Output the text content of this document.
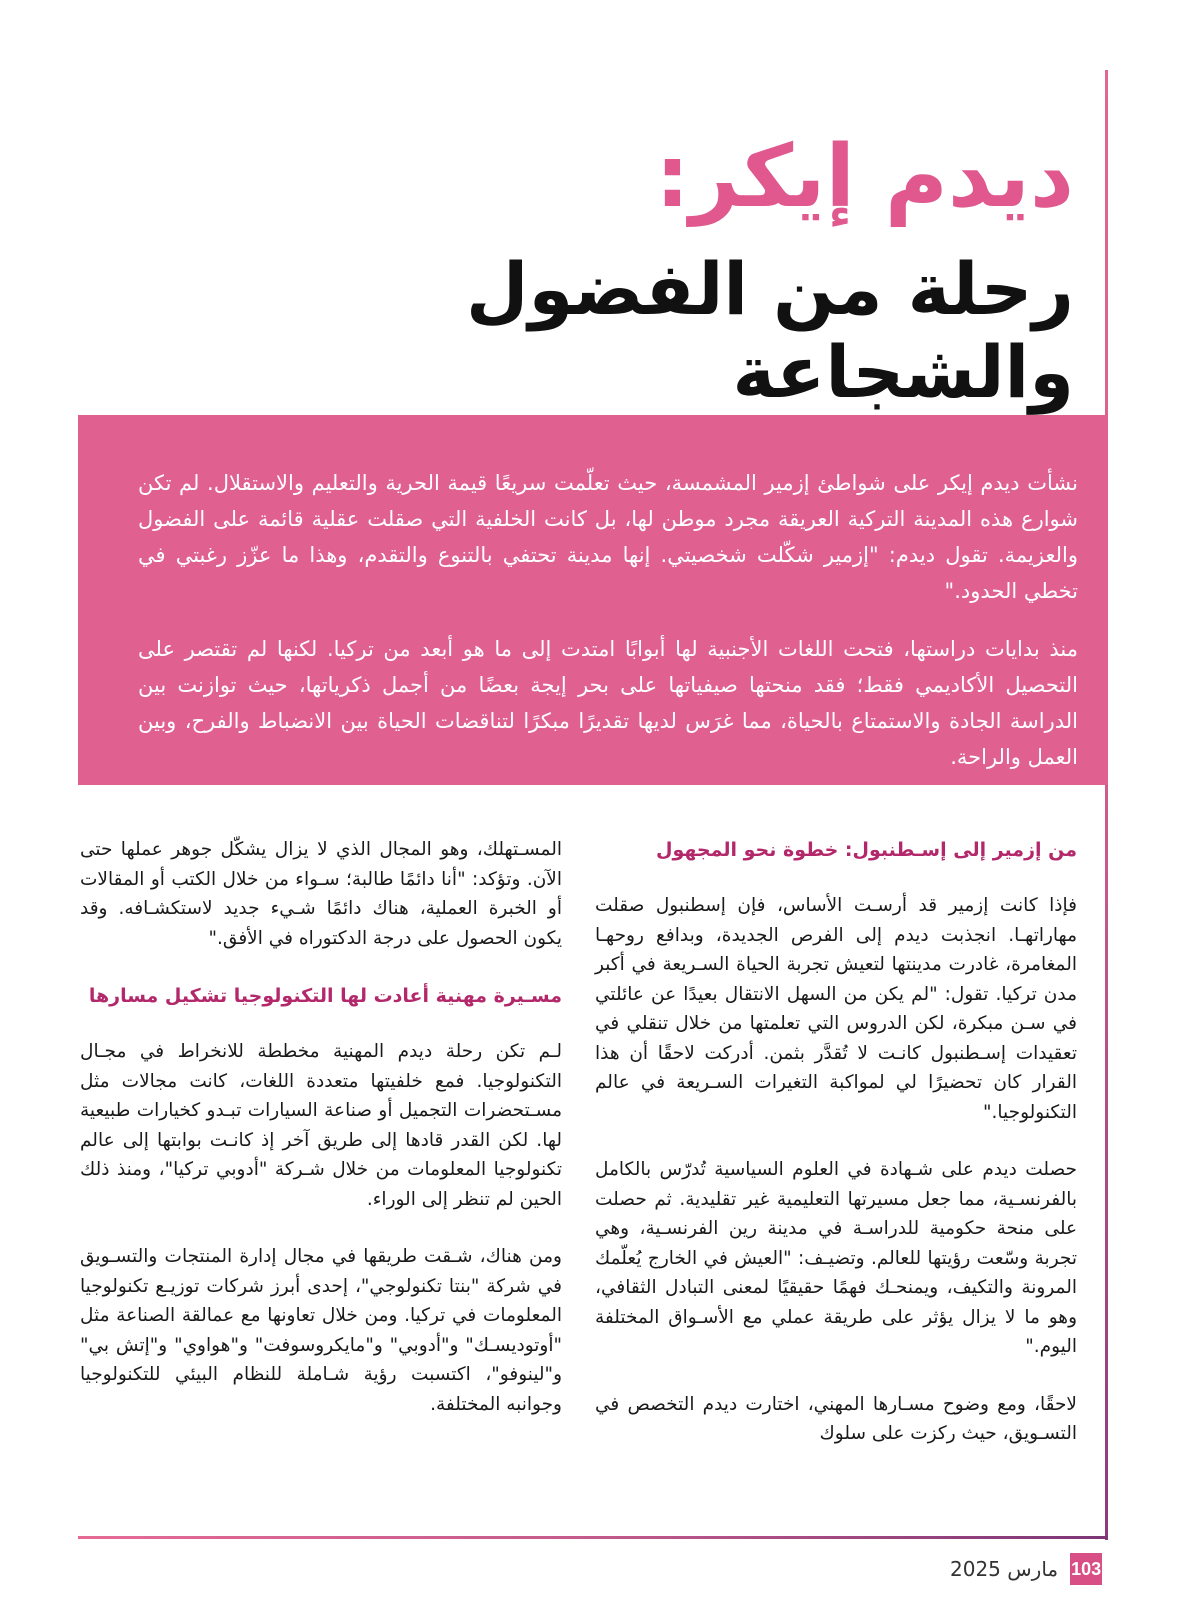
ديدم إيكر:
رحلة من الفضول والشجاعة

نشأت ديدم إيكر على شواطئ إزمير المشمسة، حيث تعلّمت سريعًا قيمة الحرية والتعليم والاستقلال. لم تكن شوارع هذه المدينة التركية العريقة مجرد موطن لها، بل كانت الخلفية التي صقلت عقلية قائمة على الفضول والعزيمة. تقول ديدم: "إزمير شكّلت شخصيتي. إنها مدينة تحتفي بالتنوع والتقدم، وهذا ما عزّز رغبتي في تخطي الحدود."

منذ بدايات دراستها، فتحت اللغات الأجنبية لها أبوابًا امتدت إلى ما هو أبعد من تركيا. لكنها لم تقتصر على التحصيل الأكاديمي فقط؛ فقد منحتها صيفياتها على بحر إيجة بعضًا من أجمل ذكرياتها، حيث توازنت بين الدراسة الجادة والاستمتاع بالحياة، مما غرَس لديها تقديرًا مبكرًا لتناقضات الحياة بين الانضباط والفرح، وبين العمل والراحة.

من إزمير إلى إسـطنبول: خطوة نحو المجهول

فإذا كانت إزمير قد أرسـت الأساس، فإن إسطنبول صقلت مهاراتهـا. انجذبت ديدم إلى الفرص الجديدة، وبدافع روحهـا المغامرة، غادرت مدينتها لتعيش تجربة الحياة السـريعة في أكبر مدن تركيا. تقول: "لم يكن من السهل الانتقال بعيدًا عن عائلتي في سـن مبكرة، لكن الدروس التي تعلمتها من خلال تنقلي في تعقيدات إسـطنبول كانـت لا تُقدَّر بثمن. أدركت لاحقًا أن هذا القرار كان تحضيرًا لي لمواكبة التغيرات السـريعة في عالم التكنولوجيا."

حصلت ديدم على شـهادة في العلوم السياسية تُدرّس بالكامل بالفرنسـية، مما جعل مسيرتها التعليمية غير تقليدية. ثم حصلت على منحة حكومية للدراسـة في مدينة رين الفرنسـية، وهي تجربة وسّعت رؤيتها للعالم. وتضيـف: "العيش في الخارج يُعلّمك المرونة والتكيف، ويمنحـك فهمًا حقيقيًا لمعنى التبادل الثقافي، وهو ما لا يزال يؤثر على طريقة عملي مع الأسـواق المختلفة اليوم."

لاحقًا، ومع وضوح مسـارها المهني، اختارت ديدم التخصص في التسـويق، حيث ركزت على سلوك

المسـتهلك، وهو المجال الذي لا يزال يشكّل جوهر عملها حتى الآن. وتؤكد: "أنا دائمًا طالبة؛ سـواء من خلال الكتب أو المقالات أو الخبرة العملية، هناك دائمًا شـيء جديد لاستكشـافه. وقد يكون الحصول على درجة الدكتوراه في الأفق."

مسـيرة مهنية أعادت لها التكنولوجيا تشكيل مسارها

لـم تكن رحلة ديدم المهنية مخططة للانخراط في مجـال التكنولوجيا. فمع خلفيتها متعددة اللغات، كانت مجالات مثل مسـتحضرات التجميل أو صناعة السيارات تبـدو كخيارات طبيعية لها. لكن القدر قادها إلى طريق آخر إذ كانـت بوابتها إلى عالم تكنولوجيا المعلومات من خلال شـركة "أدوبي تركيا"، ومنذ ذلك الحين لم تنظر إلى الوراء.

ومن هناك، شـقت طريقها في مجال إدارة المنتجات والتسـويق في شركة "بنتا تكنولوجي"، إحدى أبرز شركات توزيـع تكنولوجيا المعلومات في تركيا. ومن خلال تعاونها مع عمالقة الصناعة مثل "أوتوديسـك" و"أدوبي" و"مايكروسوفت" و"هواوي" و"إتش بي" و"لينوفو"، اكتسبت رؤية شـاملة للنظام البيئي للتكنولوجيا وجوانبه المختلفة.

103
مارس 2025
